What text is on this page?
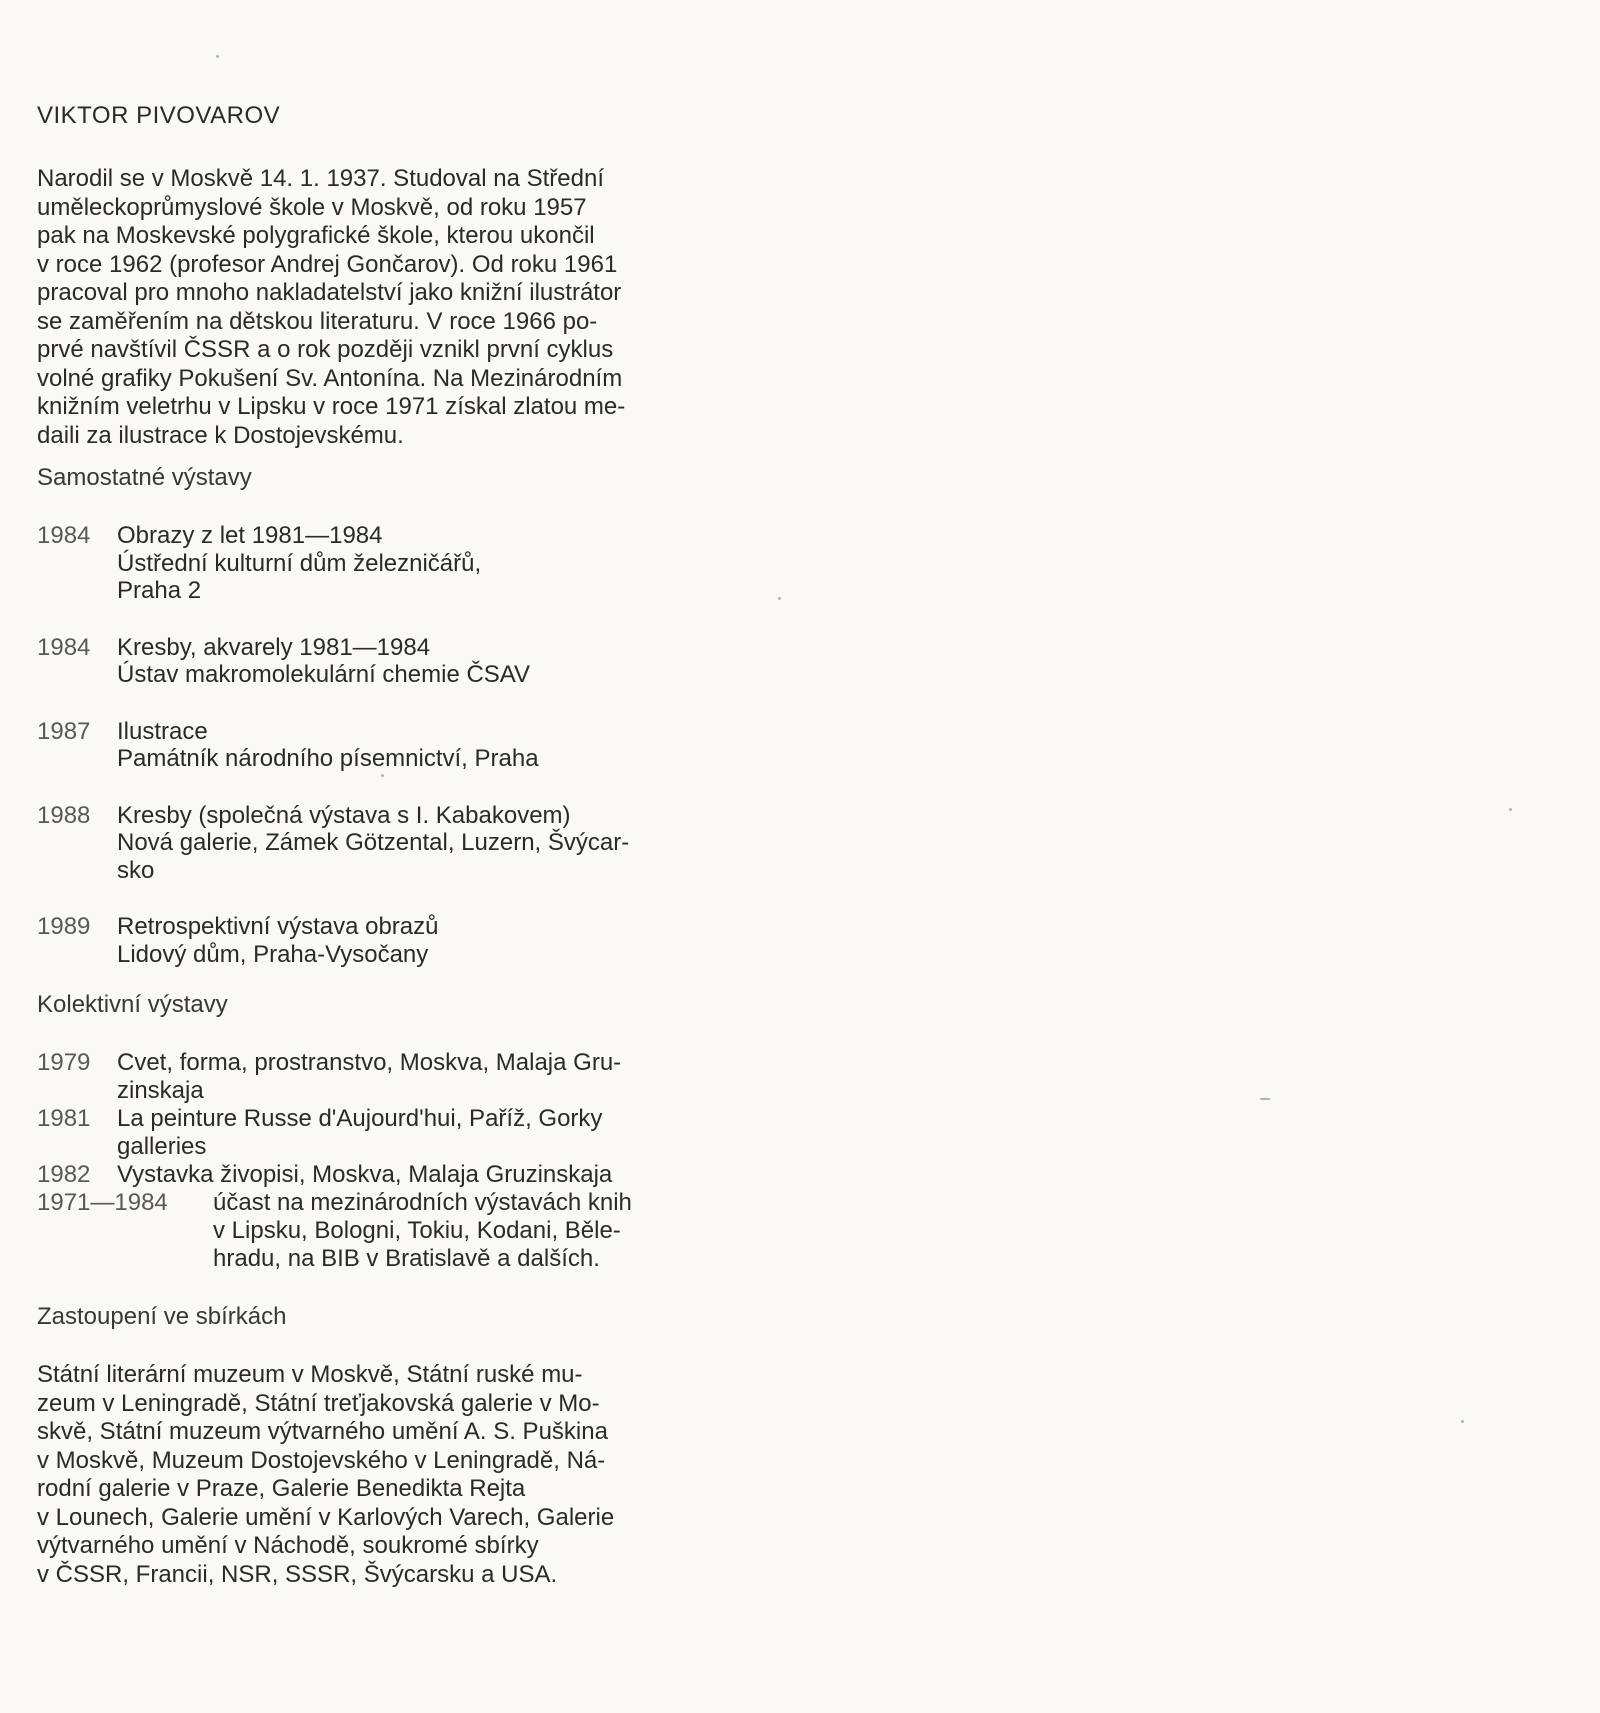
VIKTOR PIVOVAROV

Narodil se v Moskvě 14. 1. 1937. Studoval na Střední
uměleckoprůmyslové škole v Moskvě, od roku 1957
pak na Moskevské polygrafické škole, kterou ukončil
v roce 1962 (profesor Andrej Gončarov). Od roku 1961
pracoval pro mnoho nakladatelství jako knižní ilustrátor
se zaměřením na dětskou literaturu. V roce 1966 po-
prvé navštívil ČSSR a o rok později vznikl první cyklus
volné grafiky Pokušení Sv. Antonína. Na Mezinárodním
knižním veletrhu v Lipsku v roce 1971 získal zlatou me-
daili za ilustrace k Dostojevskému.

Samostatné výstavy
1984	Obrazy z let 1981—1984
Ústřední kulturní dům železničářů,
Praha 2
1984	Kresby, akvarely 1981—1984
Ústav makromolekulární chemie ČSAV
1987	Ilustrace
Památník národního písemnictví, Praha
1988	Kresby (společná výstava s I. Kabakovem)
Nová galerie, Zámek Götzental, Luzern, Švýcar-
sko
1989	Retrospektivní výstava obrazů
Lidový dům, Praha-Vysočany
Kolektivní výstavy
1979	Cvet, forma, prostranstvo, Moskva, Malaja Gru-
zinskaja
1981	La peinture Russe d'Aujourd'hui, Paříž, Gorky
galleries
1982	Vystavka živopisi, Moskva, Malaja Gruzinskaja
1971—1984	účast na mezinárodních výstavách knih
v Lipsku, Bologni, Tokiu, Kodani, Běle-
hradu, na BIB v Bratislavě a dalších.
Zastoupení ve sbírkách
Státní literární muzeum v Moskvě, Státní ruské mu-
zeum v Leningradě, Státní treťjakovská galerie v Mo-
skvě, Státní muzeum výtvarného umění A. S. Puškina
v Moskvě, Muzeum Dostojevského v Leningradě, Ná-
rodní galerie v Praze, Galerie Benedikta Rejta
v Lounech, Galerie umění v Karlových Varech, Galerie
výtvarného umění v Náchodě, soukromé sbírky
v ČSSR, Francii, NSR, SSSR, Švýcarsku a USA.
